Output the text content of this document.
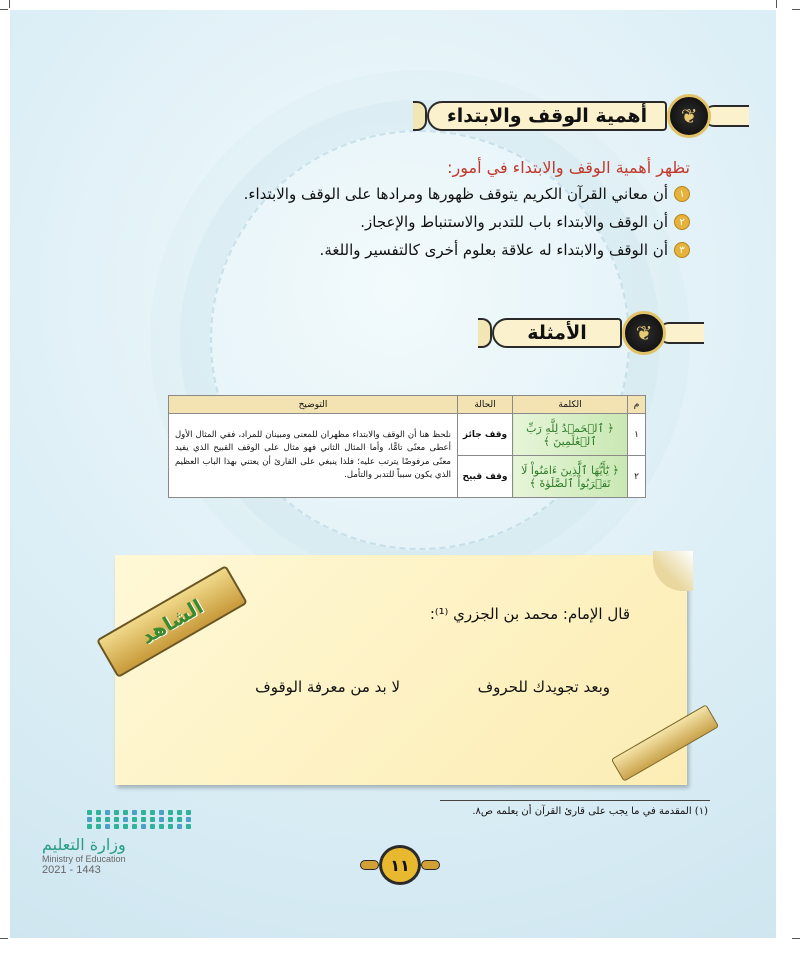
❦
أهمية الوقف والابتداء
تظهر أهمية الوقف والابتداء في أمور:
١
أن معاني القرآن الكريم يتوقف ظهورها ومرادها على الوقف والابتداء.
٢
أن الوقف والابتداء باب للتدبر والاستنباط والإعجاز.
٣
أن الوقف والابتداء له علاقة بعلوم أخرى كالتفسير واللغة.
❦
الأمثلة
م	الكلمة	الحالة	التوضيح
١	﴿ ٱلۡحَمۡدُ لِلَّهِ رَبِّ ٱلۡعَٰلَمِينَ ﴾	وقف جائز	نلحظ هنا أن الوقف والابتداء مظهران للمعنى ومبينان للمراد، ففي المثال الأول أعطى معنًى تامًّا، وأما المثال الثاني فهو مثال على الوقف القبيح الذي يفيد معنًى مرفوضًا يترتب عليه؛ فلذا ينبغي على القارئ أن يعتني بهذا الباب العظيم الذي يكون سبباً للتدبر والتأمل.
٢	﴿ يَٰٓأَيُّهَا ٱلَّذِينَ ءَامَنُواْ لَا تَقۡرَبُواْ ٱلصَّلَوٰةَ ﴾	وقف قبيح	
الشاهد	قال الإمام: محمد بن الجزري ⁽¹⁾:
وبعد تجويدك للحروف
لا بد من معرفة الوقوف
(١) المقدمة في ما يجب على قارئ القرآن أن يعلمه ص٨.
وزارة التعليم
Ministry of Education
2021 - 1443	١١
